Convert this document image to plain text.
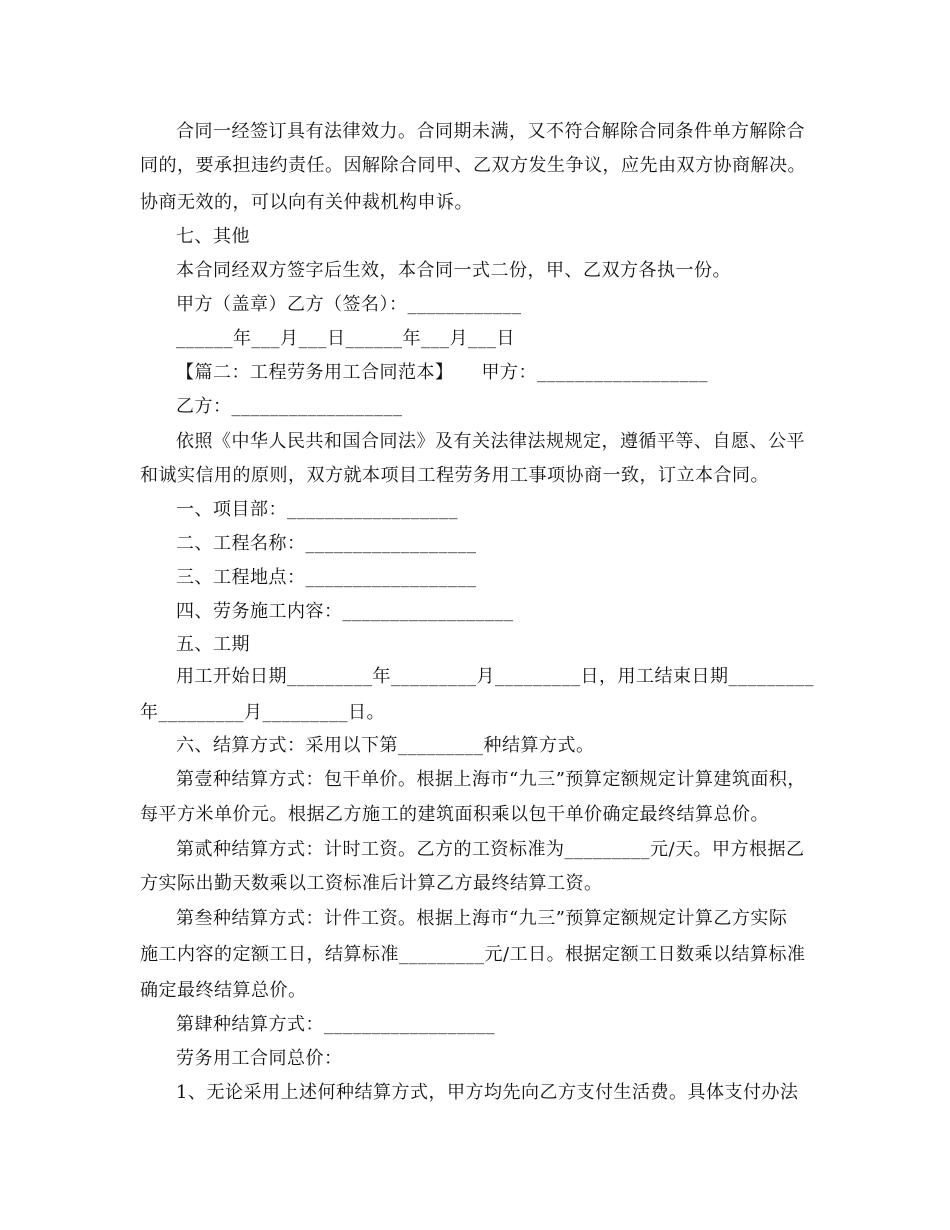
合同一经签订具有法律效力。合同期未满，又不符合解除合同条件单方解除合
同的，要承担违约责任。因解除合同甲、乙双方发生争议，应先由双方协商解决。
协商无效的，可以向有关仲裁机构申诉。
七、其他
本合同经双方签字后生效，本合同一式二份，甲、乙双方各执一份。
甲方（盖章）乙方（签名）：____________
______年___月___日______年___月___日
【篇二：工程劳务用工合同范本】　　甲方：__________________
乙方：__________________
依照《中华人民共和国合同法》及有关法律法规规定，遵循平等、自愿、公平
和诚实信用的原则，双方就本项目工程劳务用工事项协商一致，订立本合同。
一、项目部：__________________
二、工程名称：__________________
三、工程地点：__________________
四、劳务施工内容：__________________
五、工期
用工开始日期_________年_________月_________日，用工结束日期_________
年_________月_________日。
六、结算方式：采用以下第_________种结算方式。
第壹种结算方式：包干单价。根据上海市“九三”预算定额规定计算建筑面积，
每平方米单价元。根据乙方施工的建筑面积乘以包干单价确定最终结算总价。
第贰种结算方式：计时工资。乙方的工资标准为_________元/天。甲方根据乙
方实际出勤天数乘以工资标准后计算乙方最终结算工资。
第叁种结算方式：计件工资。根据上海市“九三”预算定额规定计算乙方实际
施工内容的定额工日，结算标准_________元/工日。根据定额工日数乘以结算标准
确定最终结算总价。
第肆种结算方式：__________________
劳务用工合同总价：
1、无论采用上述何种结算方式，甲方均先向乙方支付生活费。具体支付办法
